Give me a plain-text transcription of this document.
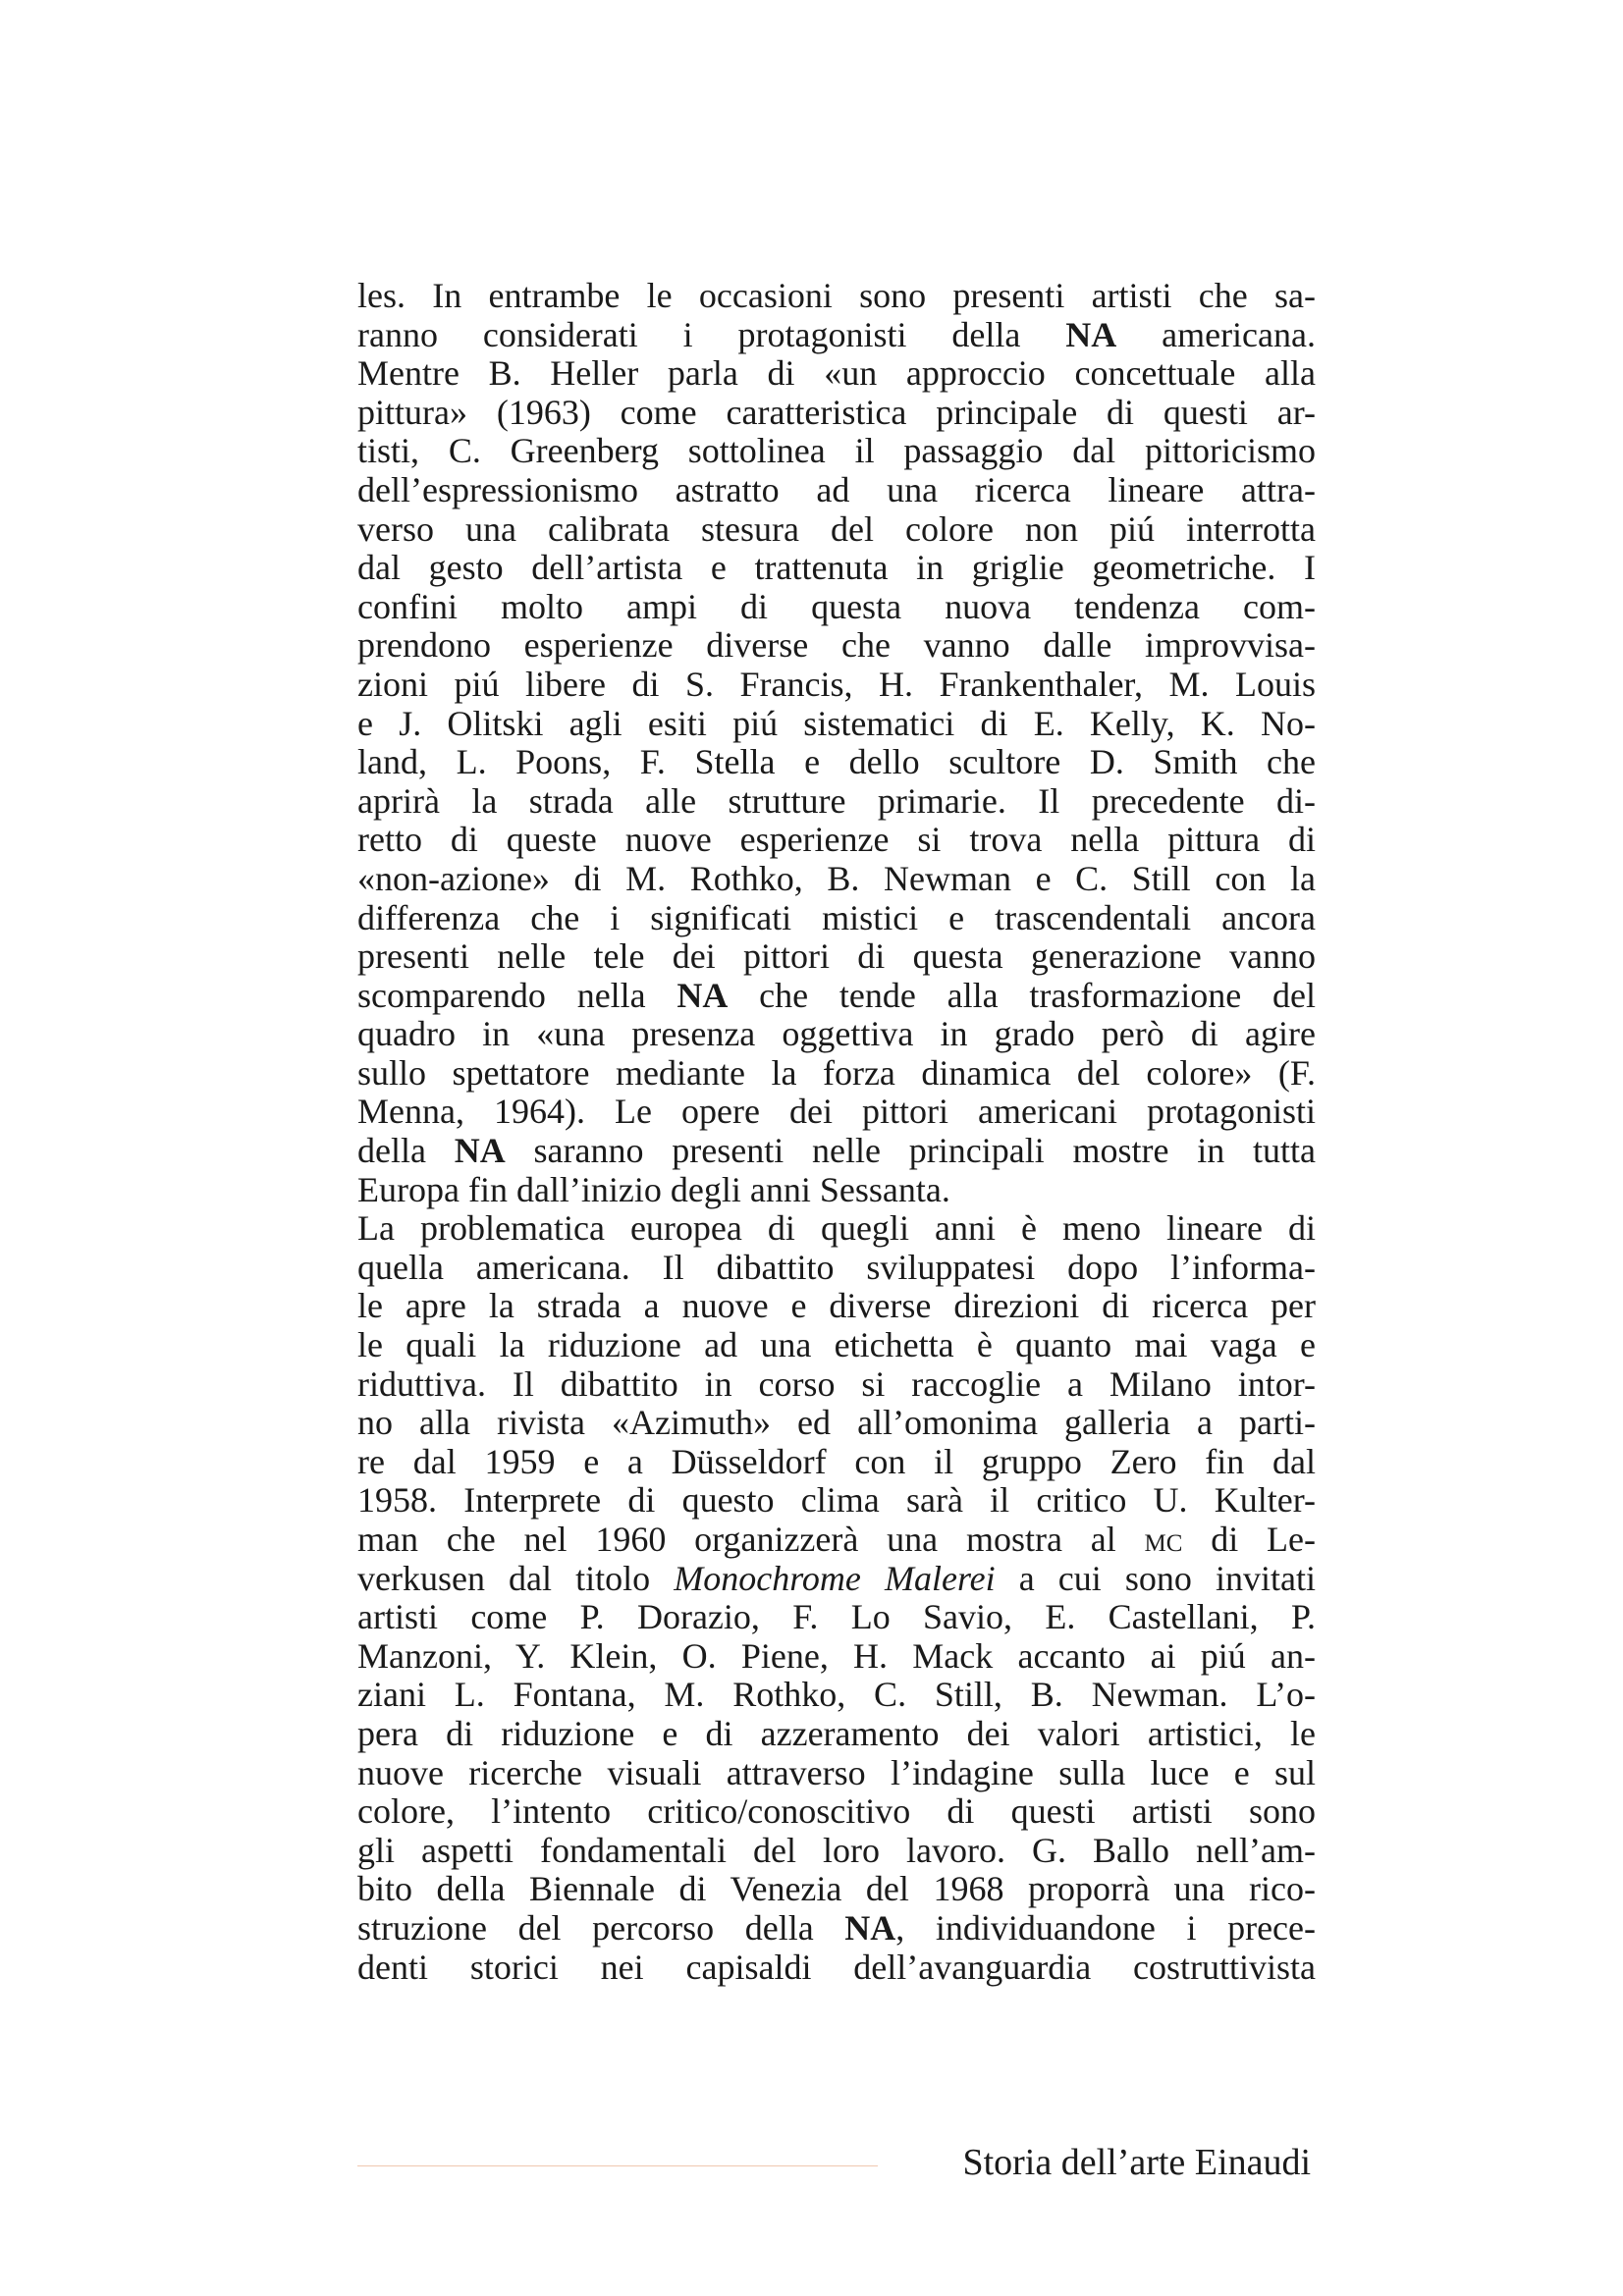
les. In entrambe le occasioni sono presenti artisti che sa-
ranno considerati i protagonisti della NA americana.
Mentre B. Heller parla di «un approccio concettuale alla
pittura» (1963) come caratteristica principale di questi ar-
tisti, C. Greenberg sottolinea il passaggio dal pittoricismo
dell’espressionismo astratto ad una ricerca lineare attra-
verso una calibrata stesura del colore non piú interrotta
dal gesto dell’artista e trattenuta in griglie geometriche. I
confini molto ampi di questa nuova tendenza com-
prendono esperienze diverse che vanno dalle improvvisa-
zioni piú libere di S. Francis, H. Frankenthaler, M. Louis
e J. Olitski agli esiti piú sistematici di E. Kelly, K. No-
land, L. Poons, F. Stella e dello scultore D. Smith che
aprirà la strada alle strutture primarie. Il precedente di-
retto di queste nuove esperienze si trova nella pittura di
«non-azione» di M. Rothko, B. Newman e C. Still con la
differenza che i significati mistici e trascendentali ancora
presenti nelle tele dei pittori di questa generazione vanno
scomparendo nella NA che tende alla trasformazione del
quadro in «una presenza oggettiva in grado però di agire
sullo spettatore mediante la forza dinamica del colore» (F.
Menna, 1964). Le opere dei pittori americani protagonisti
della NA saranno presenti nelle principali mostre in tutta
Europa fin dall’inizio degli anni Sessanta.
La problematica europea di quegli anni è meno lineare di
quella americana. Il dibattito sviluppatesi dopo l’informa-
le apre la strada a nuove e diverse direzioni di ricerca per
le quali la riduzione ad una etichetta è quanto mai vaga e
riduttiva. Il dibattito in corso si raccoglie a Milano intor-
no alla rivista «Azimuth» ed all’omonima galleria a parti-
re dal 1959 e a Düsseldorf con il gruppo Zero fin dal
1958. Interprete di questo clima sarà il critico U. Kulter-
man che nel 1960 organizzerà una mostra al mc di Le-
verkusen dal titolo Monochrome Malerei a cui sono invitati
artisti come P. Dorazio, F. Lo Savio, E. Castellani, P.
Manzoni, Y. Klein, O. Piene, H. Mack accanto ai piú an-
ziani L. Fontana, M. Rothko, C. Still, B. Newman. L’o-
pera di riduzione e di azzeramento dei valori artistici, le
nuove ricerche visuali attraverso l’indagine sulla luce e sul
colore, l’intento critico/conoscitivo di questi artisti sono
gli aspetti fondamentali del loro lavoro. G. Ballo nell’am-
bito della Biennale di Venezia del 1968 proporrà una rico-
struzione del percorso della NA, individuandone i prece-
denti storici nei capisaldi dell’avanguardia costruttivista
Storia dell’arte Einaudi
